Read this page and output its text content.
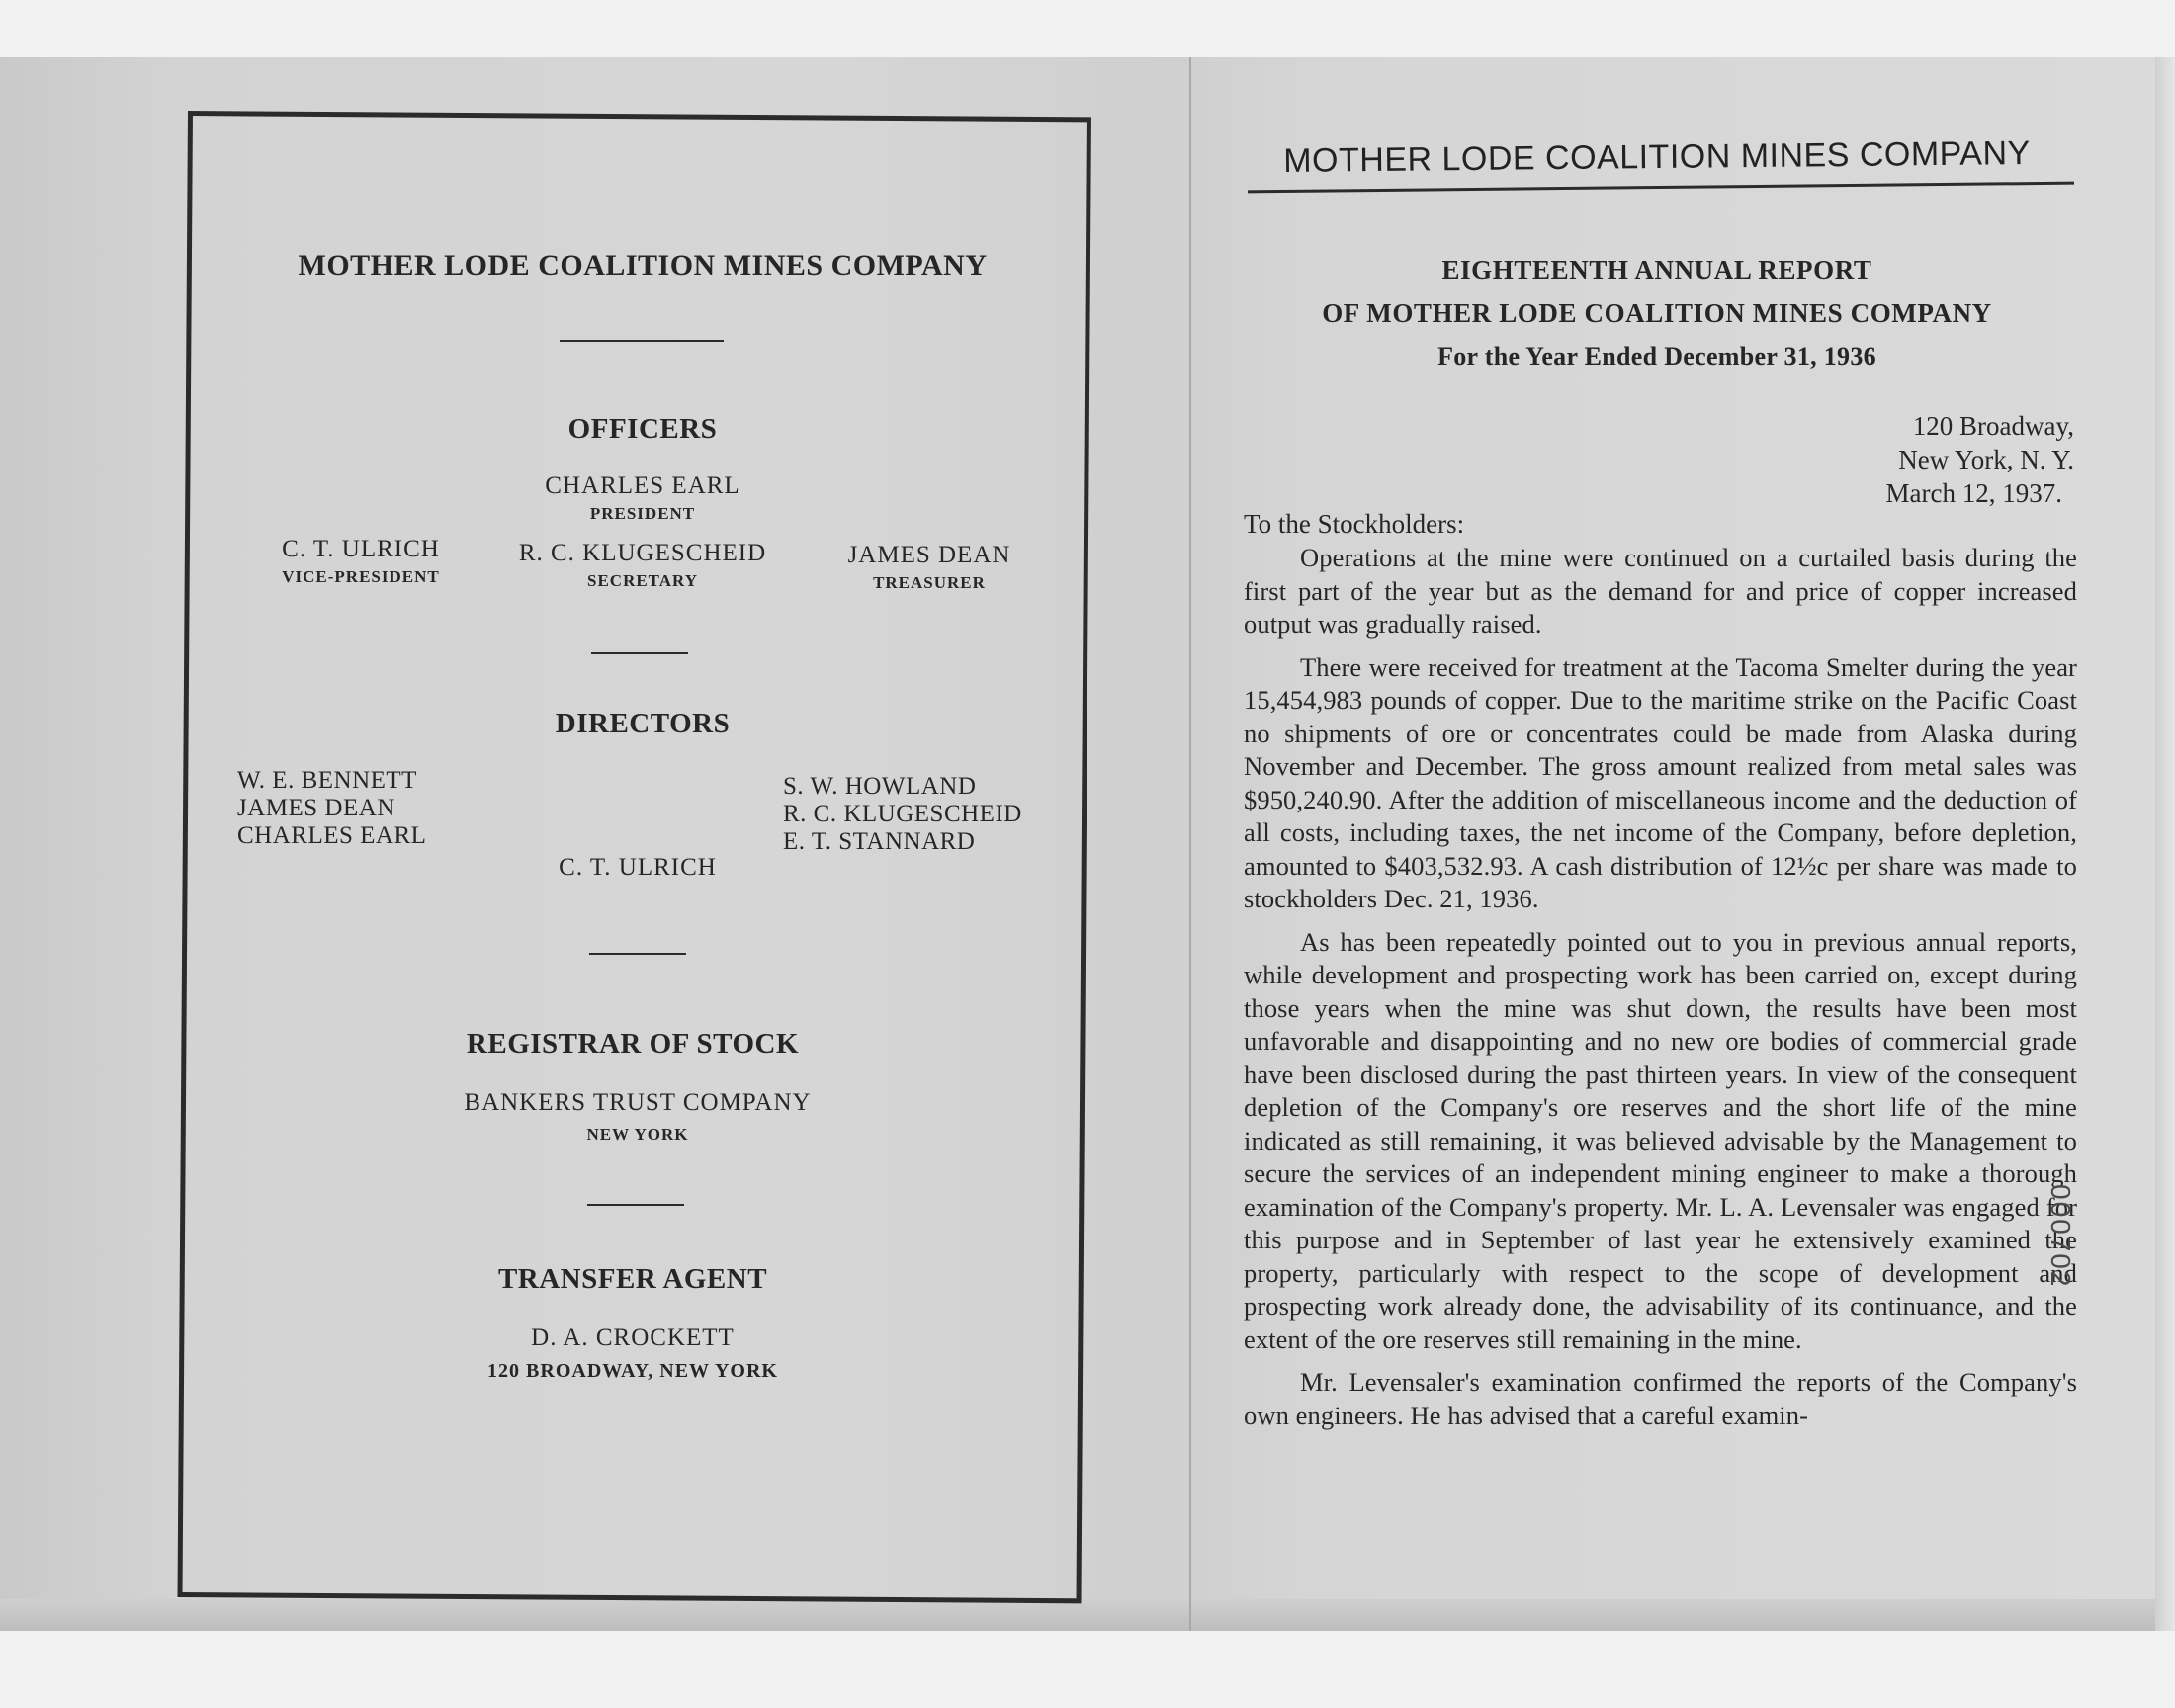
MOTHER LODE COALITION MINES COMPANY
OFFICERS
CHARLES EARL
PRESIDENT
C. T. ULRICH
VICE-PRESIDENT
R. C. KLUGESCHEID
SECRETARY
JAMES DEAN
TREASURER
DIRECTORS
W. E. BENNETT
JAMES DEAN
CHARLES EARL
S. W. HOWLAND
R. C. KLUGESCHEID
E. T. STANNARD
C. T. ULRICH
REGISTRAR OF STOCK
BANKERS TRUST COMPANY
NEW YORK
TRANSFER AGENT
D. A. CROCKETT
120 BROADWAY, NEW YORK
MOTHER LODE COALITION MINES COMPANY
EIGHTEENTH ANNUAL REPORT
OF MOTHER LODE COALITION MINES COMPANY
For the Year Ended December 31, 1936
120 Broadway,
New York, N. Y.
March 12, 1937.
To the Stockholders:

Operations at the mine were continued on a curtailed basis during the first part of the year but as the demand for and price of copper increased output was gradually raised.

There were received for treatment at the Tacoma Smelter during the year 15,454,983 pounds of copper. Due to the maritime strike on the Pacific Coast no shipments of ore or concentrates could be made from Alaska during November and December. The gross amount realized from metal sales was $950,240.90. After the addition of miscellaneous income and the deduction of all costs, including taxes, the net income of the Company, before depletion, amounted to $403,532.93. A cash distribution of 12½c per share was made to stockholders Dec. 21, 1936.

As has been repeatedly pointed out to you in previous annual reports, while development and prospecting work has been carried on, except during those years when the mine was shut down, the results have been most unfavorable and disappointing and no new ore bodies of commercial grade have been disclosed during the past thirteen years. In view of the consequent depletion of the Company's ore reserves and the short life of the mine indicated as still remaining, it was believed advisable by the Management to secure the services of an independent mining engineer to make a thorough examination of the Company's property. Mr. L. A. Levensaler was engaged for this purpose and in September of last year he extensively examined the property, particularly with respect to the scope of development and prospecting work already done, the advisability of its continuance, and the extent of the ore reserves still remaining in the mine.

Mr. Levensaler's examination confirmed the reports of the Company's own engineers. He has advised that a careful examin-

000702
